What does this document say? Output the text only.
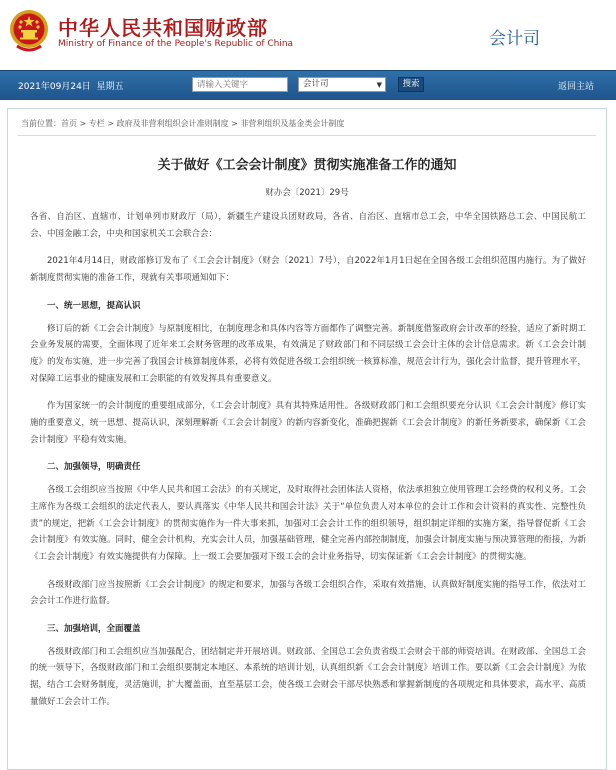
中华人民共和国财政部
Ministry of Finance of the People's Republic of China	会计司
2021年09月24日 星期五
请输入关键字	会计司	▼	搜索	返回主站
当前位置：首页 > 专栏 > 政府及非营利组织会计准则制度 > 非营利组织及基金类会计制度
关于做好《工会会计制度》贯彻实施准备工作的通知
财办会〔2021〕29号

各省、自治区、直辖市、计划单列市财政厅（局），新疆生产建设兵团财政局，各省、自治区、直辖市总工会，中华全国铁路总工会、中国民航工会、中国金融工会，中央和国家机关工会联合会：

2021年4月14日，财政部修订发布了《工会会计制度》（财会〔2021〕7号），自2022年1月1日起在全国各级工会组织范围内施行。为了做好新制度贯彻实施的准备工作，现就有关事项通知如下：

一、统一思想，提高认识

修订后的新《工会会计制度》与原制度相比，在制度理念和具体内容等方面都作了调整完善。新制度借鉴政府会计改革的经验，适应了新时期工会业务发展的需要，全面体现了近年来工会财务管理的改革成果，有效满足了财政部门和不同层级工会会计主体的会计信息需求。新《工会会计制度》的发布实施，进一步完善了我国会计核算制度体系，必将有效促进各级工会组织统一核算标准，规范会计行为，强化会计监督，提升管理水平，对保障工运事业的健康发展和工会职能的有效发挥具有重要意义。

作为国家统一的会计制度的重要组成部分，《工会会计制度》具有其特殊适用性。各级财政部门和工会组织要充分认识《工会会计制度》修订实施的重要意义，统一思想、提高认识，深刻理解新《工会会计制度》的新内容新变化，准确把握新《工会会计制度》的新任务新要求，确保新《工会会计制度》平稳有效实施。

二、加强领导，明确责任

各级工会组织应当按照《中华人民共和国工会法》的有关规定，及时取得社会团体法人资格，依法承担独立使用管理工会经费的权利义务。工会主席作为各级工会组织的法定代表人，要认真落实《中华人民共和国会计法》关于“单位负责人对本单位的会计工作和会计资料的真实性、完整性负责”的规定，把新《工会会计制度》的贯彻实施作为一件大事来抓，加强对工会会计工作的组织领导，组织制定详细的实施方案，指导督促新《工会会计制度》有效实施。同时，健全会计机构，充实会计人员，加强基础管理，健全完善内部控制制度，加强会计制度实施与预决算管理的衔接，为新《工会会计制度》有效实施提供有力保障。上一级工会要加强对下级工会的会计业务指导，切实保证新《工会会计制度》的贯彻实施。

各级财政部门应当按照新《工会会计制度》的规定和要求，加强与各级工会组织合作，采取有效措施，认真做好制度实施的指导工作，依法对工会会计工作进行监督。

三、加强培训，全面覆盖

各级财政部门和工会组织应当加强配合，团结制定并开展培训。财政部、全国总工会负责省级工会财会干部的师资培训。在财政部、全国总工会的统一领导下，各级财政部门和工会组织要制定本地区、本系统的培训计划，认真组织新《工会会计制度》培训工作。要以新《工会会计制度》为依据，结合工会财务制度，灵活施训，扩大覆盖面，直至基层工会，使各级工会财会干部尽快熟悉和掌握新制度的各项规定和具体要求，高水平、高质量做好工会会计工作。
